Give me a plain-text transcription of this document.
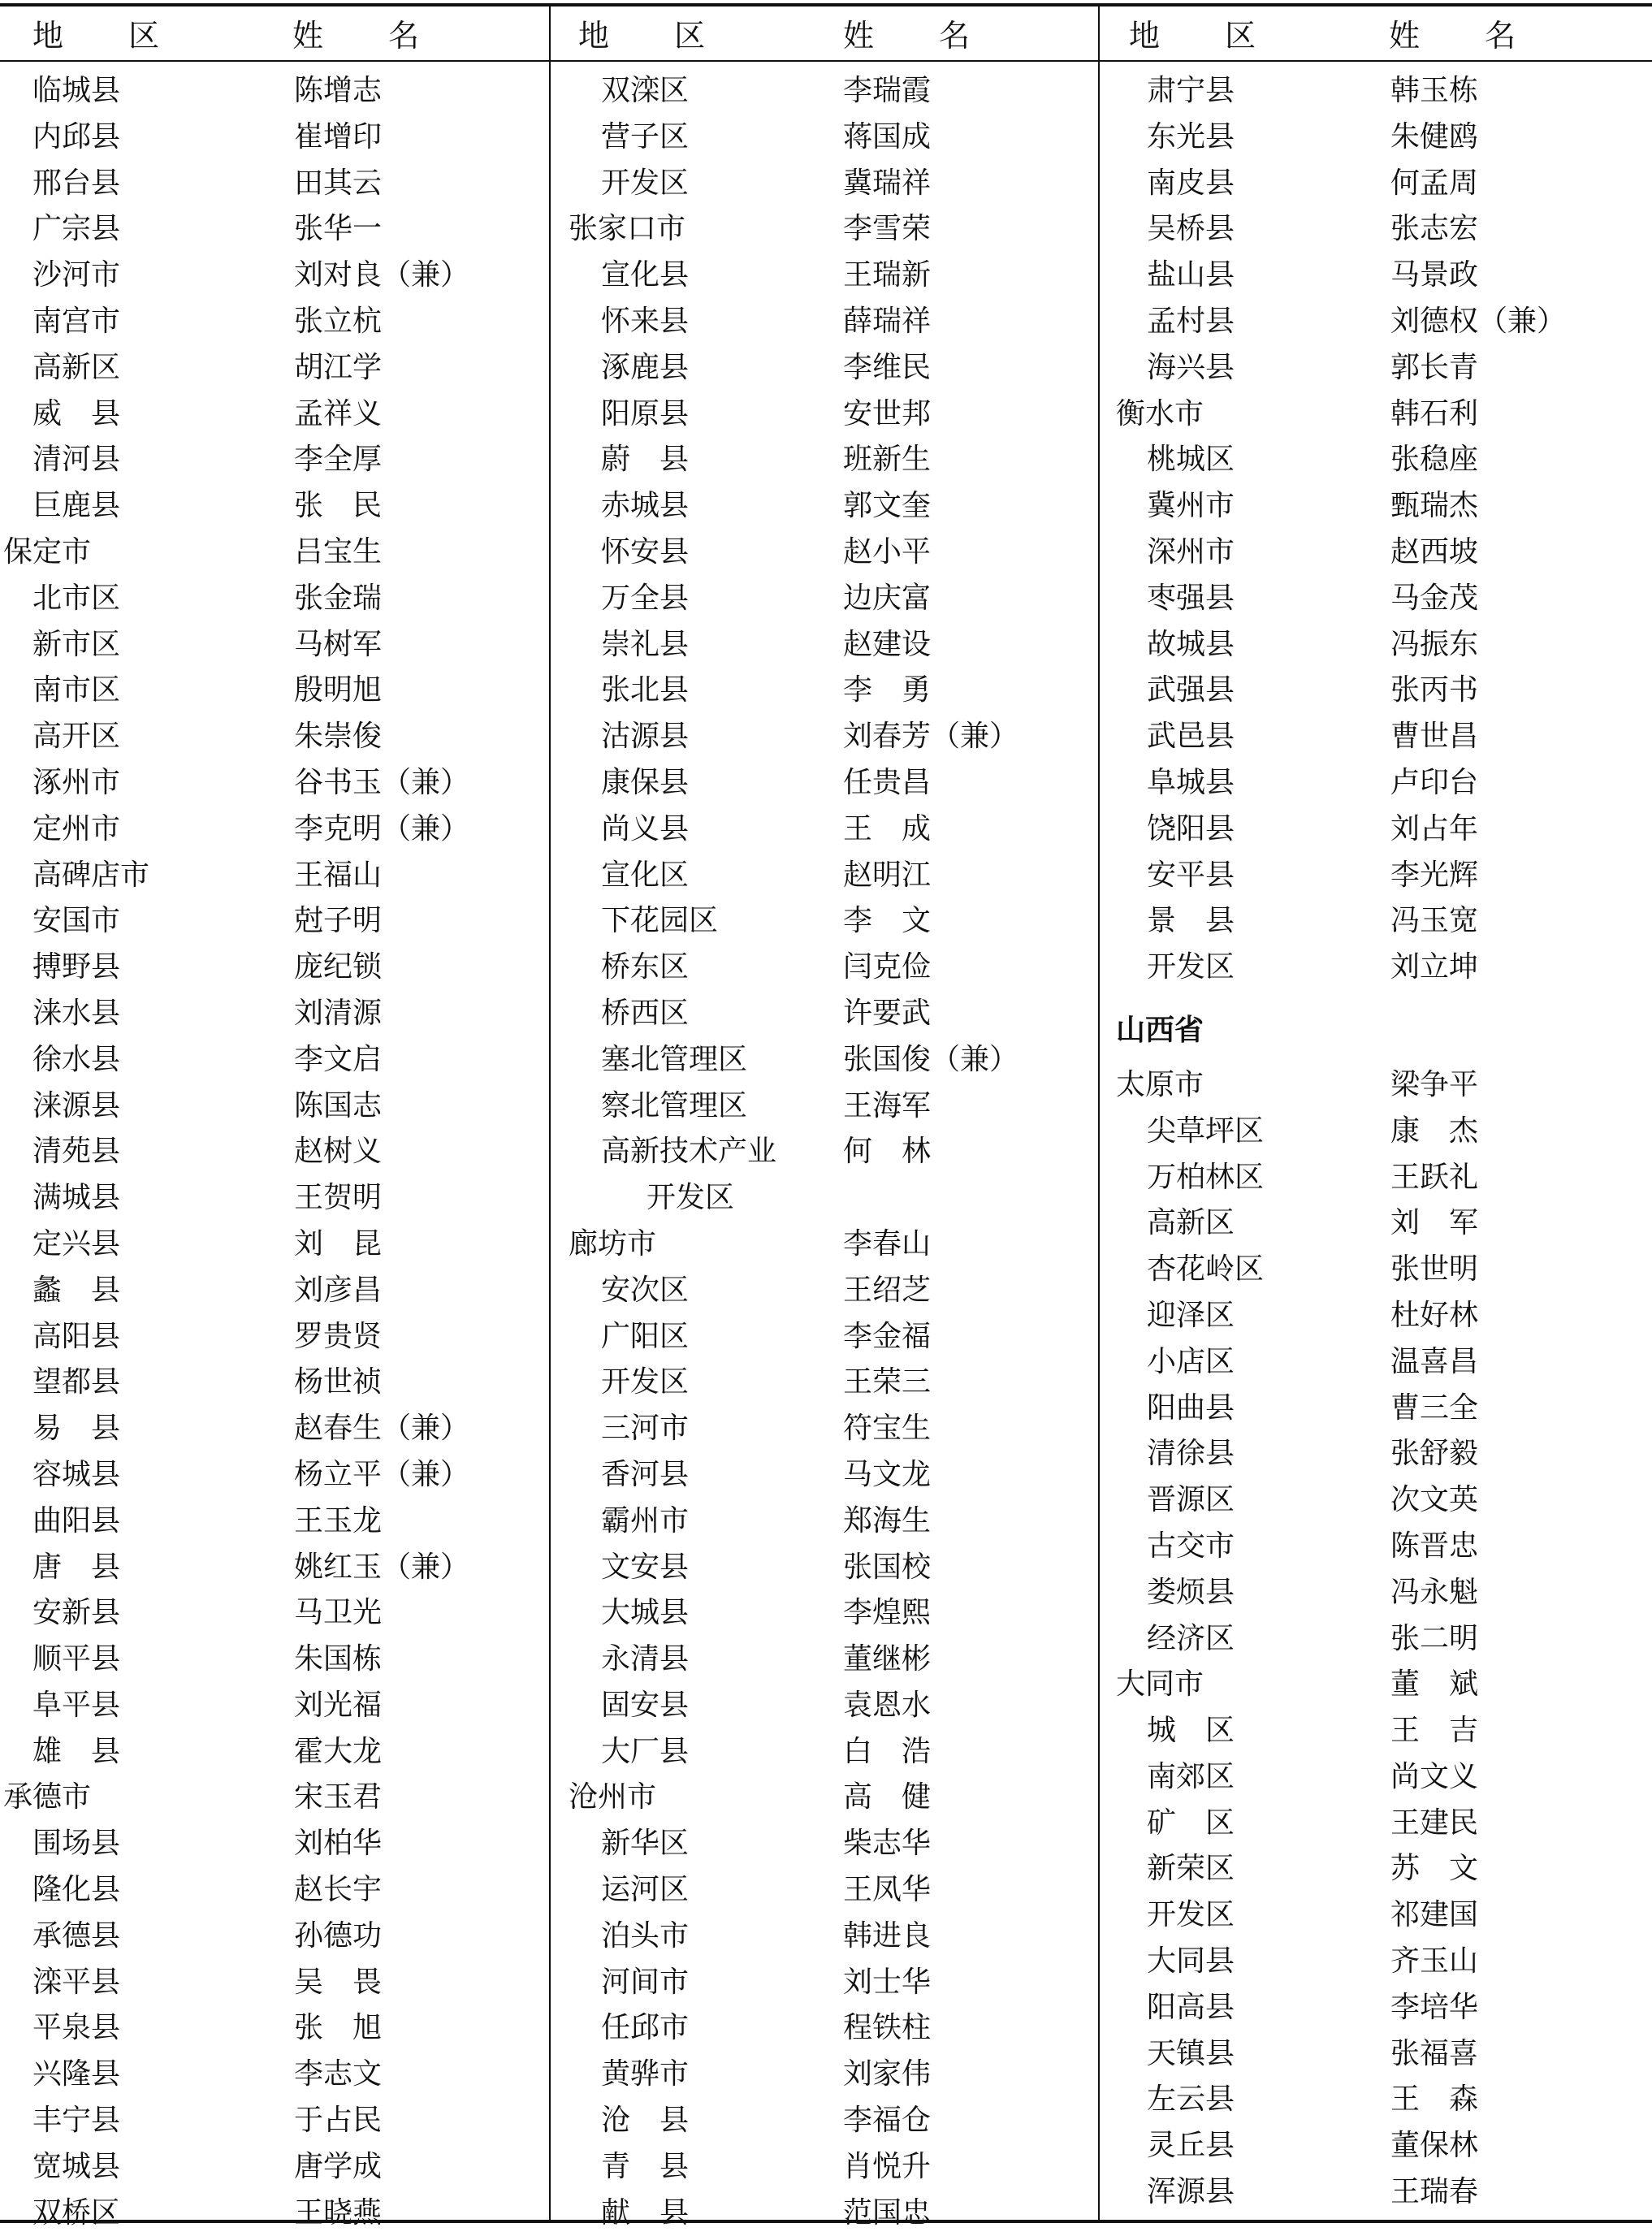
地 区	姓 名
临城县	陈增志
内邱县	崔增印
邢台县	田其云
广宗县	张华一
沙河市	刘对良（兼）
南宫市	张立杭
高新区	胡江学
威　县	孟祥义
清河县	李全厚
巨鹿县	张　民
保定市	吕宝生
北市区	张金瑞
新市区	马树军
南市区	殷明旭
高开区	朱崇俊
涿州市	谷书玉（兼）
定州市	李克明（兼）
高碑店市	王福山
安国市	尅子明
搏野县	庞纪锁
涞水县	刘清源
徐水县	李文启
涞源县	陈国志
清苑县	赵树义
满城县	王贺明
定兴县	刘　昆
蠡　县	刘彦昌
高阳县	罗贵贤
望都县	杨世祯
易　县	赵春生（兼）
容城县	杨立平（兼）
曲阳县	王玉龙
唐　县	姚红玉（兼）
安新县	马卫光
顺平县	朱国栋
阜平县	刘光福
雄　县	霍大龙
承德市	宋玉君
围场县	刘柏华
隆化县	赵长宇
承德县	孙德功
滦平县	吴　畏
平泉县	张　旭
兴隆县	李志文
丰宁县	于占民
宽城县	唐学成
双桥区	王晓燕
地 区	姓 名
双滦区	李瑞霞
营子区	蒋国成
开发区	冀瑞祥
张家口市	李雪荣
宣化县	王瑞新
怀来县	薛瑞祥
涿鹿县	李维民
阳原县	安世邦
蔚　县	班新生
赤城县	郭文奎
怀安县	赵小平
万全县	边庆富
崇礼县	赵建设
张北县	李　勇
沽源县	刘春芳（兼）
康保县	任贵昌
尚义县	王　成
宣化区	赵明江
下花园区	李　文
桥东区	闫克俭
桥西区	许要武
塞北管理区	张国俊（兼）
察北管理区	王海军
高新技术产业 何　林
开发区
廊坊市	李春山
安次区	王绍芝
广阳区	李金福
开发区	王荣三
三河市	符宝生
香河县	马文龙
霸州市	郑海生
文安县	张国校
大城县	李煌熙
永清县	董继彬
固安县	袁恩水
大厂县	白　浩
沧州市	高　健
新华区	柴志华
运河区	王凤华
泊头市	韩进良
河间市	刘士华
任邱市	程铁柱
黄骅市	刘家伟
沧　县	李福仓
青　县	肖悦升
献　县	范国忠
地 区	姓 名
肃宁县	韩玉栋
东光县	朱健鸥
南皮县	何孟周
吴桥县	张志宏
盐山县	马景政
孟村县	刘德权（兼）
海兴县	郭长青
衡水市	韩石利
桃城区	张稳座
冀州市	甄瑞杰
深州市	赵西坡
枣强县	马金茂
故城县	冯振东
武强县	张丙书
武邑县	曹世昌
阜城县	卢印台
饶阳县	刘占年
安平县	李光辉
景　县	冯玉宽
开发区	刘立坤
山西省
太原市	梁争平
尖草坪区	康　杰
万柏林区	王跃礼
高新区	刘　军
杏花岭区	张世明
迎泽区	杜好林
小店区	温喜昌
阳曲县	曹三全
清徐县	张舒毅
晋源区	次文英
古交市	陈晋忠
娄烦县	冯永魁
经济区	张二明
大同市	董　斌
城　区	王　吉
南郊区	尚文义
矿　区	王建民
新荣区	苏　文
开发区	祁建国
大同县	齐玉山
阳高县	李培华
天镇县	张福喜
左云县	王　森
灵丘县	董保林
浑源县	王瑞春
